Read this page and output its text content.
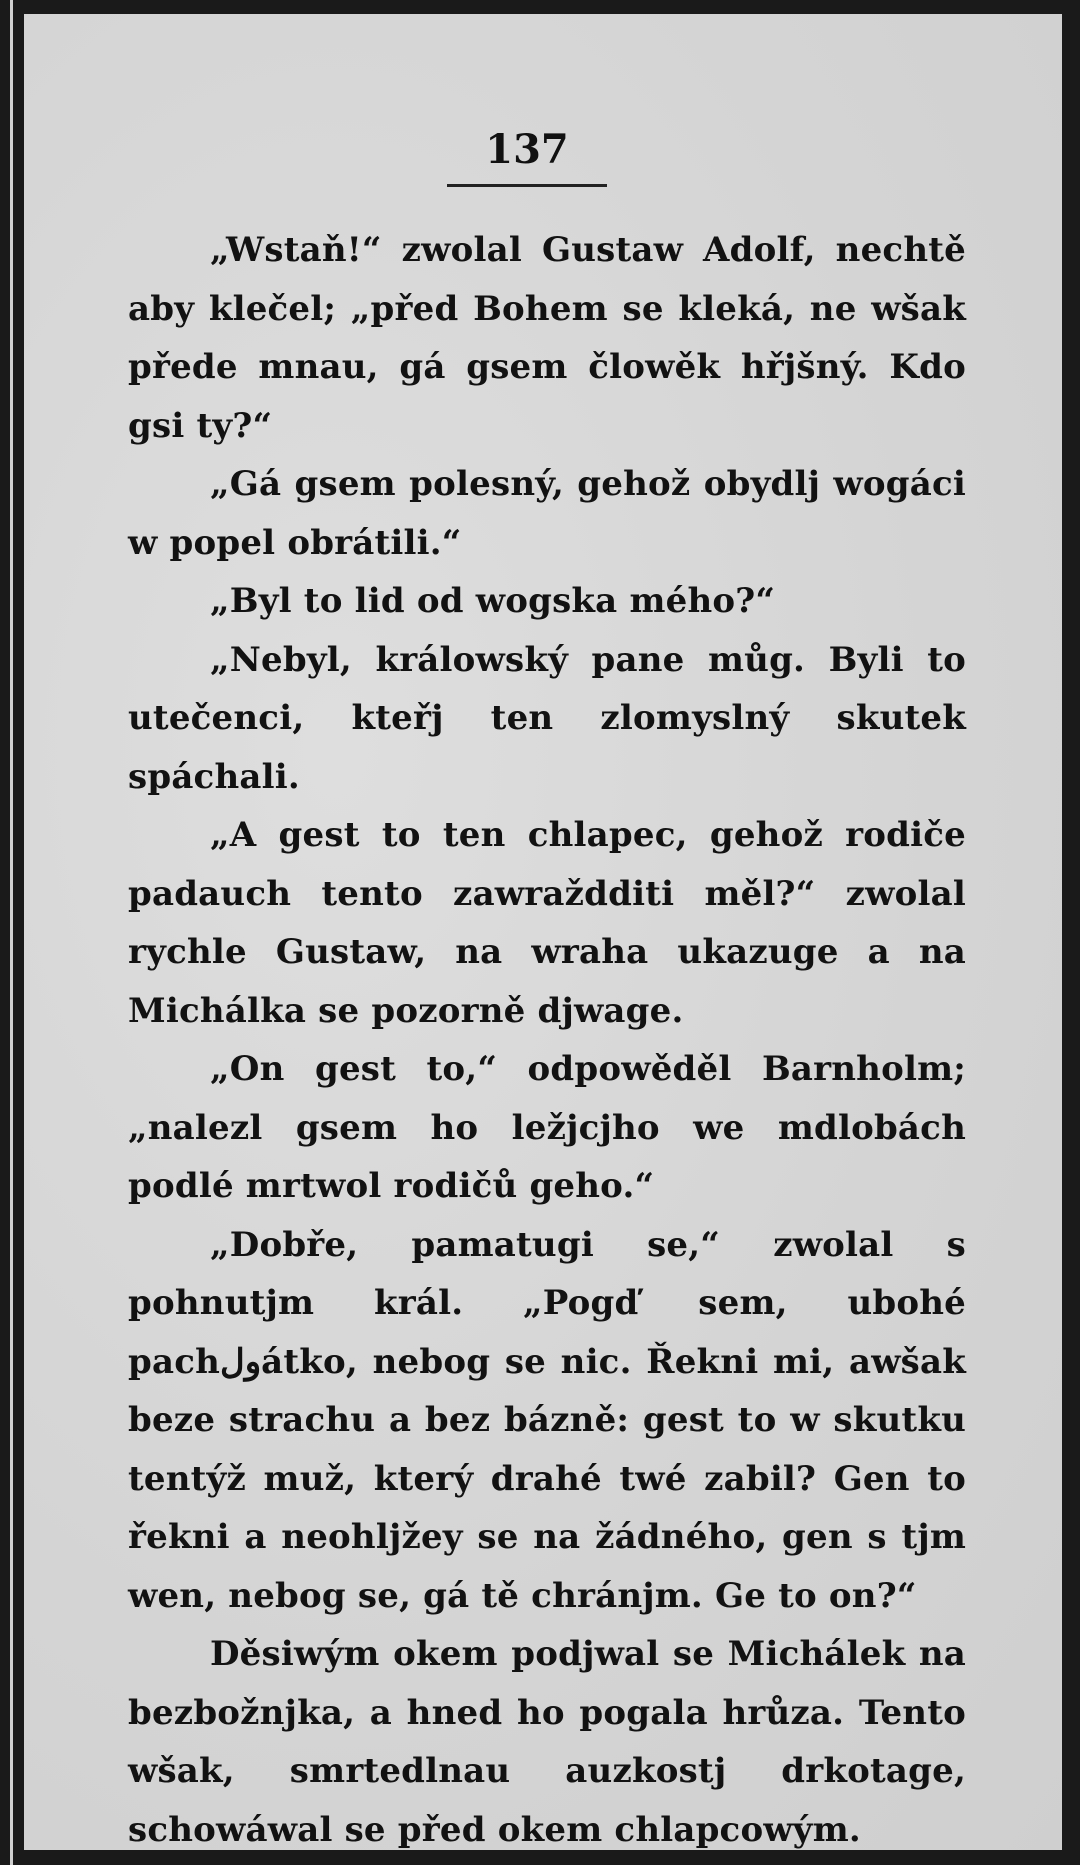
137

„Wstaň!“ zwolal Gustaw Adolf, nechtě aby klečel; „před Bohem se kleká, ne wšak přede mnau, gá gsem člowěk hřjšný. Kdo gsi ty?“

„Gá gsem polesný, gehož obydlj wogáci w popel obrátili.“

„Byl to lid od wogska mého?“

„Nebyl, králowský pane můg. Byli to utečenci, kteřj ten zlomyslný skutek spáchali.

„A gest to ten chlapec, gehož rodiče padauch tento zawraždditi měl?“ zwolal rychle Gustaw, na wraha ukazuge a na Michálka se pozorně djwage.

„On gest to,“ odpowěděl Barnholm; „nalezl gsem ho ležjcjho we mdlobách podlé mrtwol rodičů geho.“

„Dobře, pamatugi se,“ zwolal s pohnutjm král. „Pogď sem, ubohé pachولátko, nebog se nic. Řekni mi, awšak beze strachu a bez bázně: gest to w skutku tentýž muž, který drahé twé zabil? Gen to řekni a neohljžey se na žádného, gen s tjm wen, nebog se, gá tě chránjm. Ge to on?“

Děsiwým okem podjwal se Michálek na bezbožnjka, a hned ho pogala hrůza. Tento wšak, smrtedlnau auzkostj drkotage, schowáwal se před okem chlapcowým.
